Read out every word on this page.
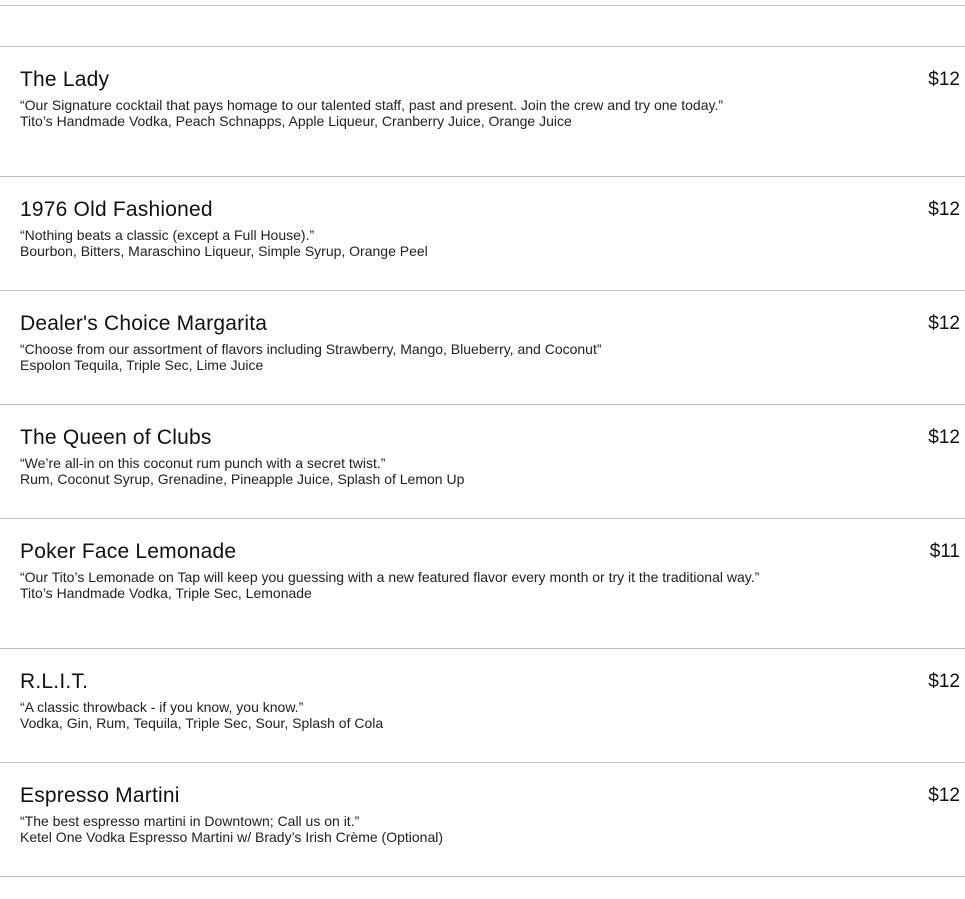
The Lady	$12
“Our Signature cocktail that pays homage to our talented staff, past and present. Join the crew and try one today.”
Tito’s Handmade Vodka, Peach Schnapps, Apple Liqueur, Cranberry Juice, Orange Juice
1976 Old Fashioned	$12
“Nothing beats a classic (except a Full House).”
Bourbon, Bitters, Maraschino Liqueur, Simple Syrup, Orange Peel
Dealer's Choice Margarita	$12
“Choose from our assortment of flavors including Strawberry, Mango, Blueberry, and Coconut”
Espolon Tequila, Triple Sec, Lime Juice
The Queen of Clubs	$12
“We’re all-in on this coconut rum punch with a secret twist.”
Rum, Coconut Syrup, Grenadine, Pineapple Juice, Splash of Lemon Up
Poker Face Lemonade	$11
“Our Tito’s Lemonade on Tap will keep you guessing with a new featured flavor every month or try it the traditional way.”
Tito’s Handmade Vodka, Triple Sec, Lemonade
R.L.I.T.	$12
“A classic throwback - if you know, you know.”
Vodka, Gin, Rum, Tequila, Triple Sec, Sour, Splash of Cola
Espresso Martini	$12
“The best espresso martini in Downtown; Call us on it.”
Ketel One Vodka Espresso Martini w/ Brady’s Irish Crème (Optional)
